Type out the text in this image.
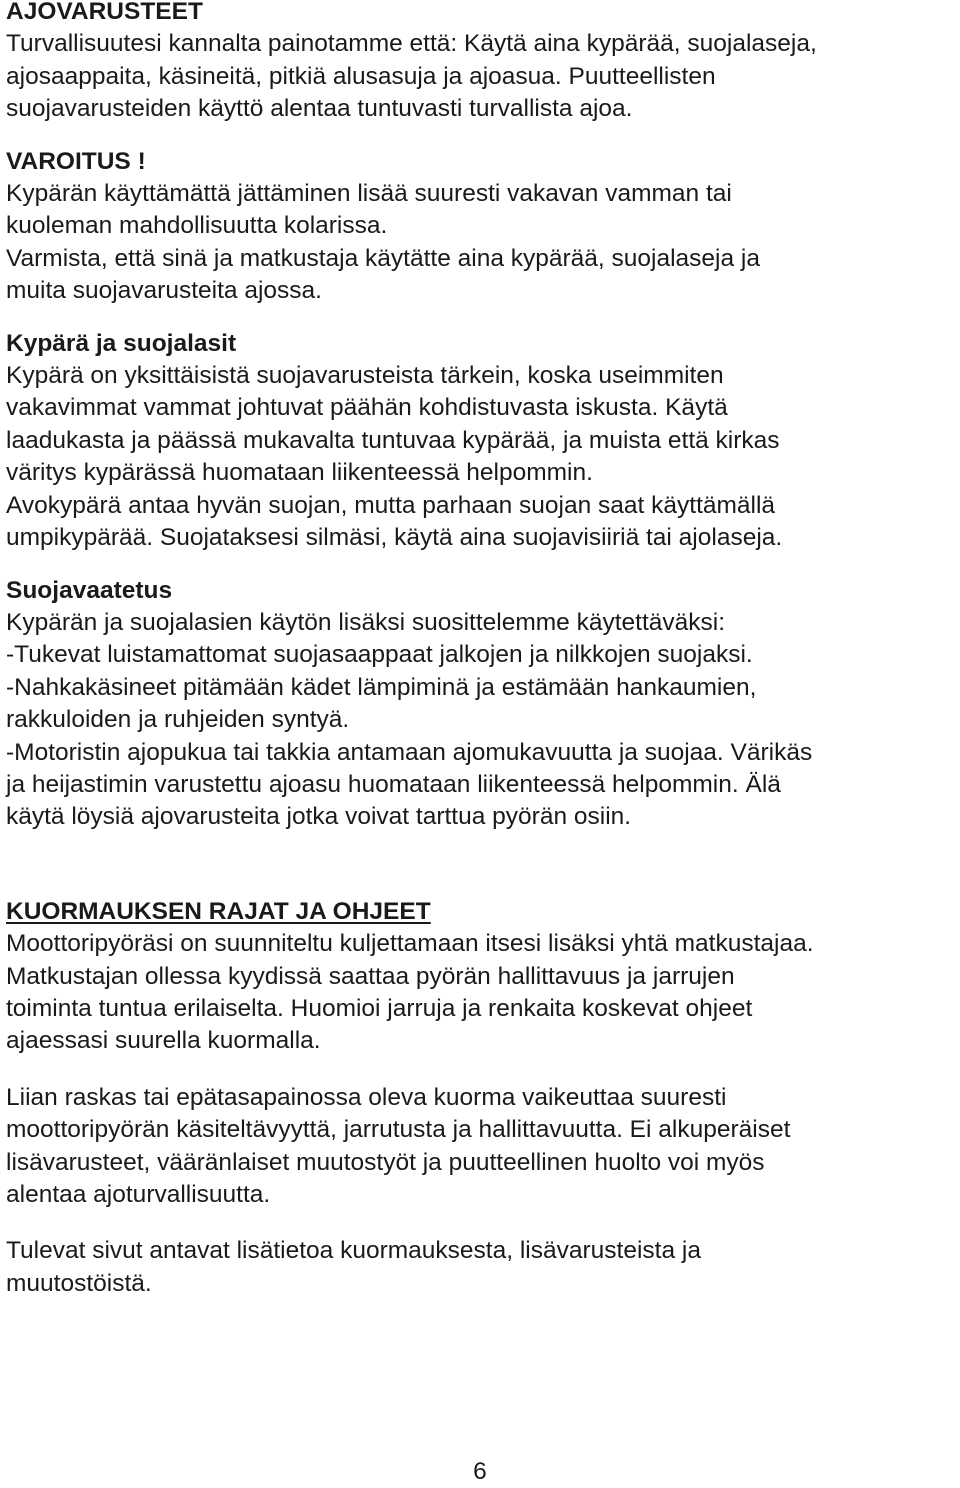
AJOVARUSTEET
Turvallisuutesi kannalta painotamme että: Käytä aina kypärää, suojalaseja,
ajosaappaita, käsineitä, pitkiä alusasuja ja ajoasua. Puutteellisten
suojavarusteiden käyttö alentaa tuntuvasti turvallista ajoa.
VAROITUS !
Kypärän käyttämättä jättäminen lisää suuresti vakavan vamman tai
kuoleman mahdollisuutta kolarissa.
Varmista, että sinä ja matkustaja käytätte aina kypärää, suojalaseja ja
muita suojavarusteita ajossa.
Kypärä ja suojalasit
Kypärä on yksittäisistä suojavarusteista tärkein, koska useimmiten
vakavimmat vammat johtuvat päähän kohdistuvasta iskusta. Käytä
laadukasta ja päässä mukavalta tuntuvaa kypärää, ja muista että kirkas
väritys kypärässä huomataan liikenteessä helpommin.
Avokypärä antaa hyvän suojan, mutta parhaan suojan saat käyttämällä
umpikypärää. Suojataksesi silmäsi, käytä aina suojavisiiriä tai ajolaseja.
Suojavaatetus
Kypärän ja suojalasien käytön lisäksi suosittelemme käytettäväksi:
-Tukevat luistamattomat suojasaappaat jalkojen ja nilkkojen suojaksi.
-Nahkakäsineet pitämään kädet lämpiminä ja estämään hankaumien,
rakkuloiden ja ruhjeiden syntyä.
-Motoristin ajopukua tai takkia antamaan ajomukavuutta ja suojaa. Värikäs
ja heijastimin varustettu ajoasu huomataan liikenteessä helpommin. Älä
käytä löysiä ajovarusteita jotka voivat tarttua pyörän osiin.
KUORMAUKSEN RAJAT JA OHJEET
Moottoripyöräsi on suunniteltu kuljettamaan itsesi lisäksi yhtä matkustajaa.
Matkustajan ollessa kyydissä saattaa pyörän hallittavuus ja jarrujen
toiminta tuntua erilaiselta. Huomioi jarruja ja renkaita koskevat ohjeet
ajaessasi suurella kuormalla.
Liian raskas tai epätasapainossa oleva kuorma vaikeuttaa suuresti
moottoripyörän käsiteltävyyttä, jarrutusta ja hallittavuutta. Ei alkuperäiset
lisävarusteet, vääränlaiset muutostyöt ja puutteellinen huolto voi myös
alentaa ajoturvallisuutta.
Tulevat sivut antavat lisätietoa kuormauksesta, lisävarusteista ja
muutostöistä.
6
